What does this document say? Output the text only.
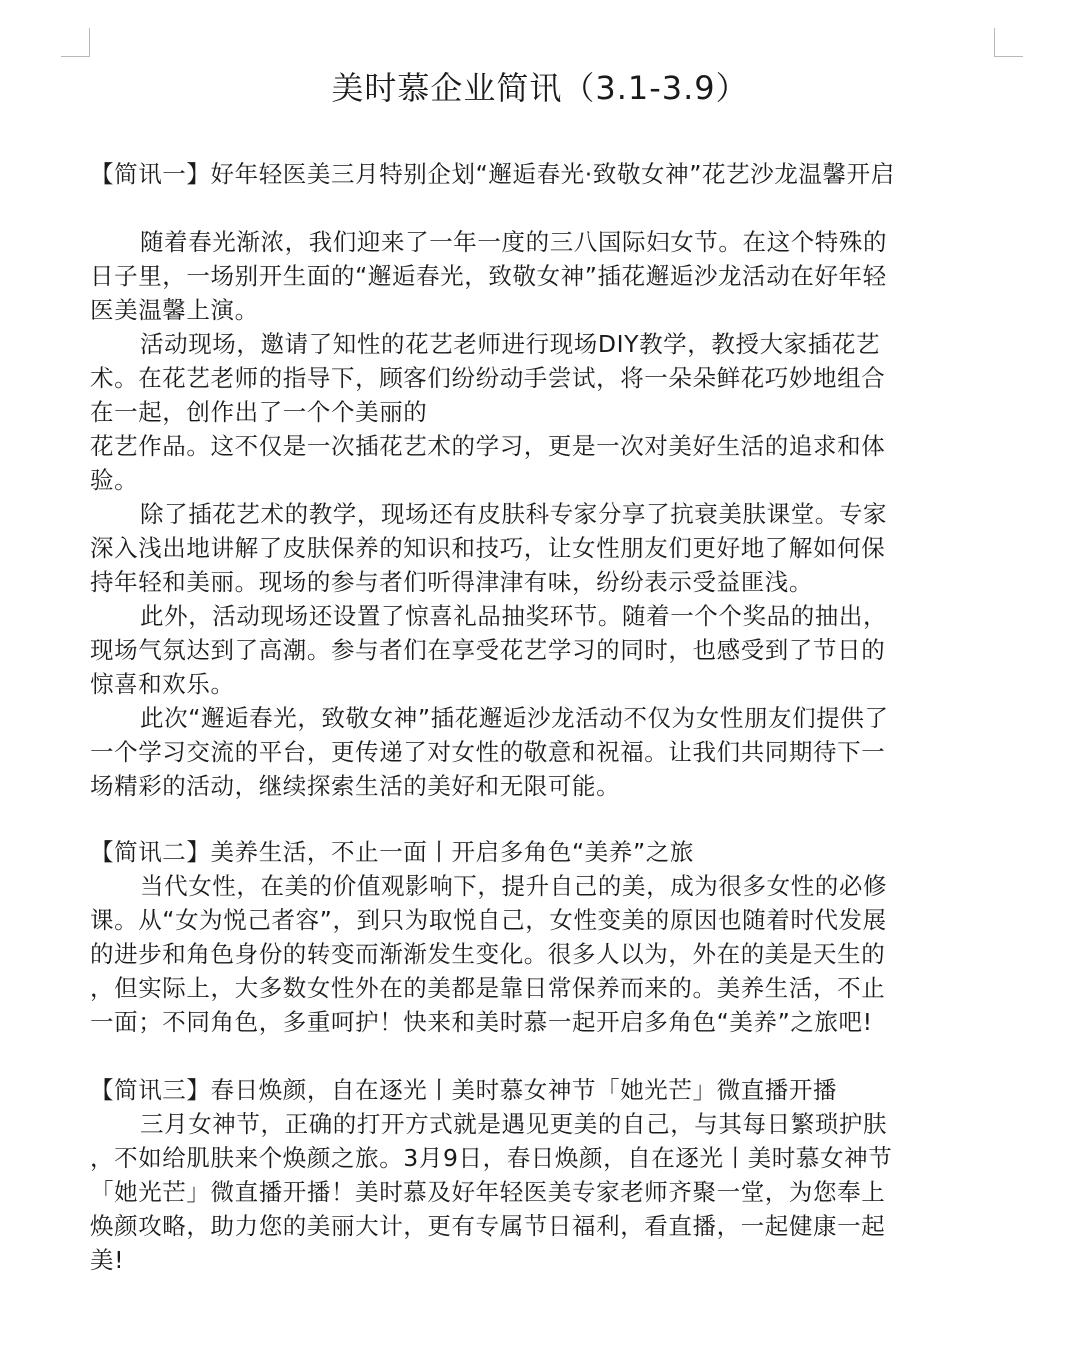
美时慕企业简讯（3.1-3.9）
【简讯一】好年轻医美三月特别企划“邂逅春光·致敬女神”花艺沙龙温馨开启
随着春光渐浓，我们迎来了一年一度的三八国际妇女节。在这个特殊的
日子里，一场别开生面的“邂逅春光，致敬女神”插花邂逅沙龙活动在好年轻
医美温馨上演。
活动现场，邀请了知性的花艺老师进行现场DIY教学，教授大家插花艺
术。在花艺老师的指导下，顾客们纷纷动手尝试，将一朵朵鲜花巧妙地组合
在一起，创作出了一个个美丽的
花艺作品。这不仅是一次插花艺术的学习，更是一次对美好生活的追求和体
验。
除了插花艺术的教学，现场还有皮肤科专家分享了抗衰美肤课堂。专家
深入浅出地讲解了皮肤保养的知识和技巧，让女性朋友们更好地了解如何保
持年轻和美丽。现场的参与者们听得津津有味，纷纷表示受益匪浅。
此外，活动现场还设置了惊喜礼品抽奖环节。随着一个个奖品的抽出，
现场气氛达到了高潮。参与者们在享受花艺学习的同时，也感受到了节日的
惊喜和欢乐。
此次“邂逅春光，致敬女神”插花邂逅沙龙活动不仅为女性朋友们提供了
一个学习交流的平台，更传递了对女性的敬意和祝福。让我们共同期待下一
场精彩的活动，继续探索生活的美好和无限可能。
【简讯二】美养生活，不止一面丨开启多角色“美养”之旅
当代女性，在美的价值观影响下，提升自己的美，成为很多女性的必修
课。从“女为悦己者容”，到只为取悦自己，女性变美的原因也随着时代发展
的进步和角色身份的转变而渐渐发生变化。很多人以为，外在的美是天生的
，但实际上，大多数女性外在的美都是靠日常保养而来的。美养生活，不止
一面；不同角色，多重呵护！快来和美时慕一起开启多角色“美养”之旅吧!
【简讯三】春日焕颜，自在逐光丨美时慕女神节「她光芒」微直播开播
三月女神节，正确的打开方式就是遇见更美的自己，与其每日繁琐护肤
，不如给肌肤来个焕颜之旅。3月9日，春日焕颜，自在逐光丨美时慕女神节
「她光芒」微直播开播！美时慕及好年轻医美专家老师齐聚一堂，为您奉上
焕颜攻略，助力您的美丽大计，更有专属节日福利，看直播，一起健康一起
美!
